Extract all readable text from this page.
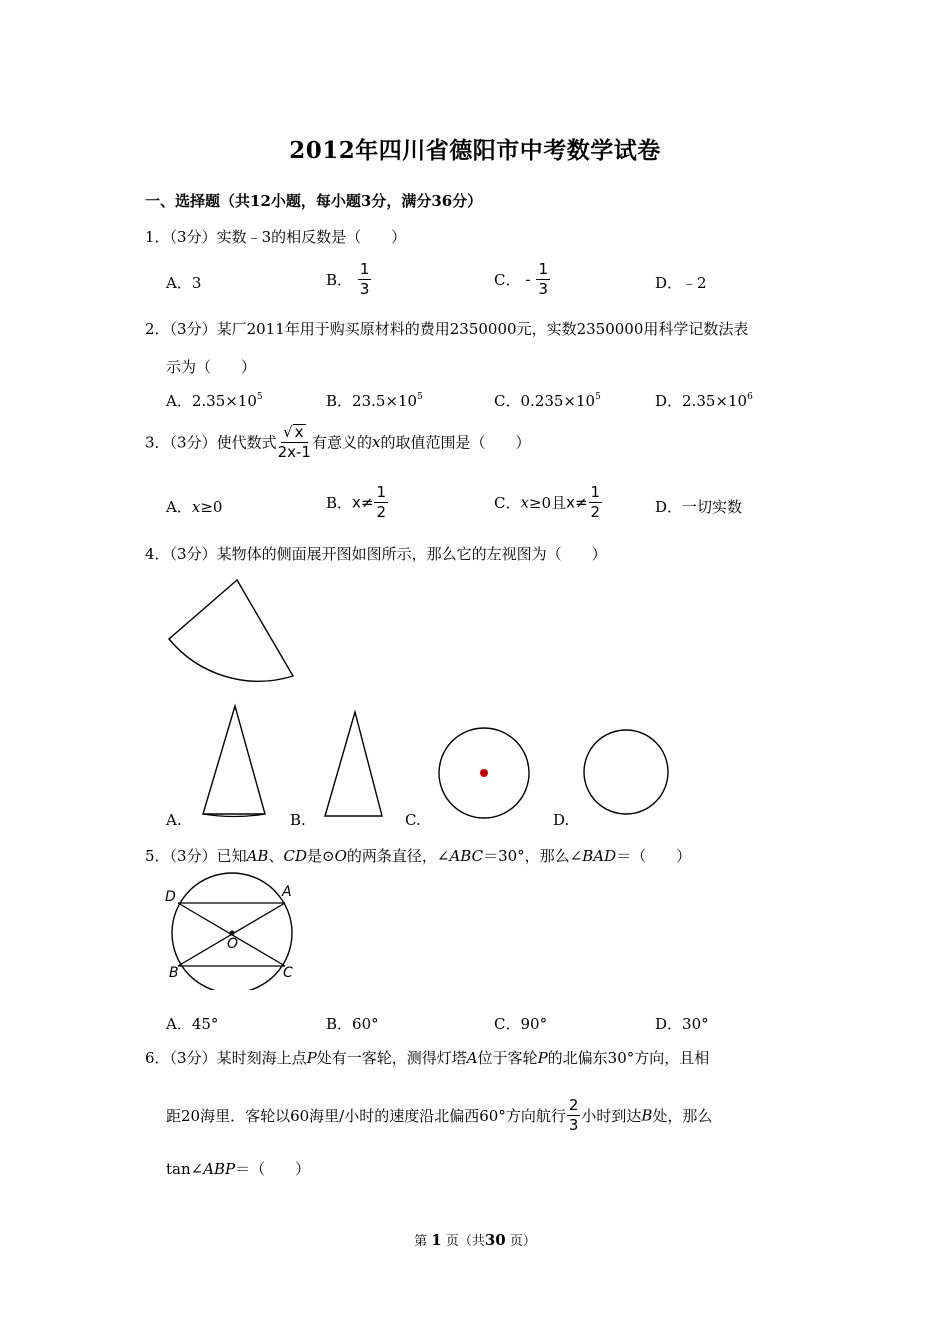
2012年四川省德阳市中考数学试卷
一、选择题（共12小题，每小题3分，满分36分）
1．（3分）实数﹣3的相反数是（　　）
A．3	B． $\frac{1}{3}$	C． - $\frac{1}{3}$	D．﹣2
2．（3分）某厂2011年用于购买原材料的费用2350000元，实数2350000用科学记数法表
示为（　　）
A．$2.35\times 10^5$	B．$23.5\times 10^5$	C．$0.235\times 10^5$	D．$2.35\times 10^6$
3．（3分）使代数式 $\frac{√ x}{2x-1}$ 有意义的x的取值范围是（　　）
A．x≥0	B．$x\ne \frac{1}{2}$	C．x≥0且$x\ne \frac{1}{2}$	D．一切实数
4．（3分）某物体的侧面展开图如图所示，那么它的左视图为（　　）
A.	B.	C.	D.
5．（3分）已知AB、CD是⊙O的两条直径，∠ABC＝30°，那么∠BAD＝（　　）
D	A
O
B	C
A．45°	B．60°	C．90°	D．30°
6．（3分）某时刻海上点P处有一客轮，测得灯塔A位于客轮P的北偏东30°方向，且相
距20海里．客轮以60海里/小时的速度沿北偏西60°方向航行 $\frac{2}{3}$ 小时到达B处，那么
tan∠ABP＝（　　）
第 1 页（共30 页）
